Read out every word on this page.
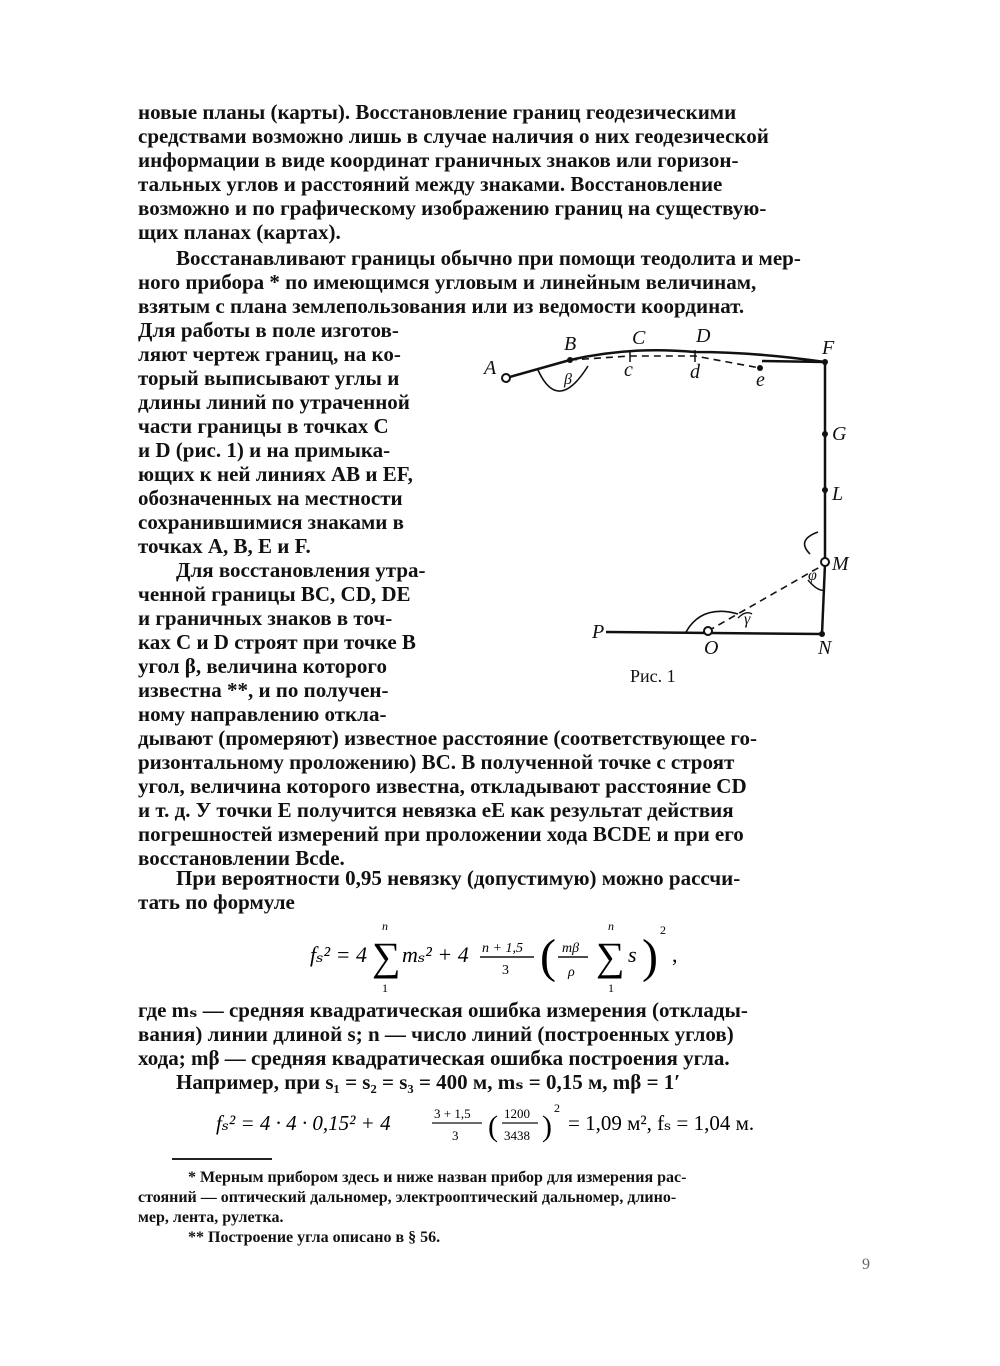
новые планы (карты). Восстановление границ геодезическими
средствами возможно лишь в случае наличия о них геодезической
информации в виде координат граничных знаков или горизон-
тальных углов и расстояний между знаками. Восстановление
возможно и по графическому изображению границ на существую-
щих планах (картах).
Восстанавливают границы обычно при помощи теодолита и мер-
ного прибора * по имеющимся угловым и линейным величинам,
взятым с плана землепользования или из ведомости координат.
Для работы в поле изготов-
ляют чертеж границ, на ко-
торый выписывают углы и
длины линий по утраченной
части границы в точках C
и D (рис. 1) и на примыка-
ющих к ней линиях AB и EF,
обозначенных на местности
сохранившимися знаками в
точках A, B, E и F.
Для восстановления утра-
ченной границы BC, CD, DE
и граничных знаков в точ-
ках C и D строят при точке B
угол β, величина которого
известна **, и по получен-
ному направлению откла-
дывают (промеряют) известное расстояние (соответствующее го-
ризонтальному проложению) BC. В полученной точке c строят
угол, величина которого известна, откладывают расстояние CD
и т. д. У точки E получится невязка eE как результат действия
погрешностей измерений при проложении хода BCDE и при его
восстановлении Bcde.
При вероятности 0,95 невязку (допустимую) можно рассчи-
тать по формуле
fₛ² = 4
n
1
∑ mₛ² + 4 n + 1,5
3 ( mβ
ρ
n
1
∑ s ) 2
,
где mₛ — средняя квадратическая ошибка измерения (отклады-
вания) линии длиной s; n — число линий (построенных углов)
хода; mβ — средняя квадратическая ошибка построения угла.
Например, при s₁ = s₂ = s₃ = 400 м, mₛ = 0,15 м, mβ = 1′
fₛ² = 4 · 4 · 0,15² + 4	3 + 1,5
3 ( 1200
3438 )
2
= 1,09 м², fₛ = 1,04 м.
* Мерным прибором здесь и ниже назван прибор для измерения рас-
стояний — оптический дальномер, электрооптический дальномер, длино-
мер, лента, рулетка.
** Построение угла описано в § 56.
9
A
B	C	D
F
c	d	e
G
L
M
N
O
P
β
γ
φ
Рис. 1
